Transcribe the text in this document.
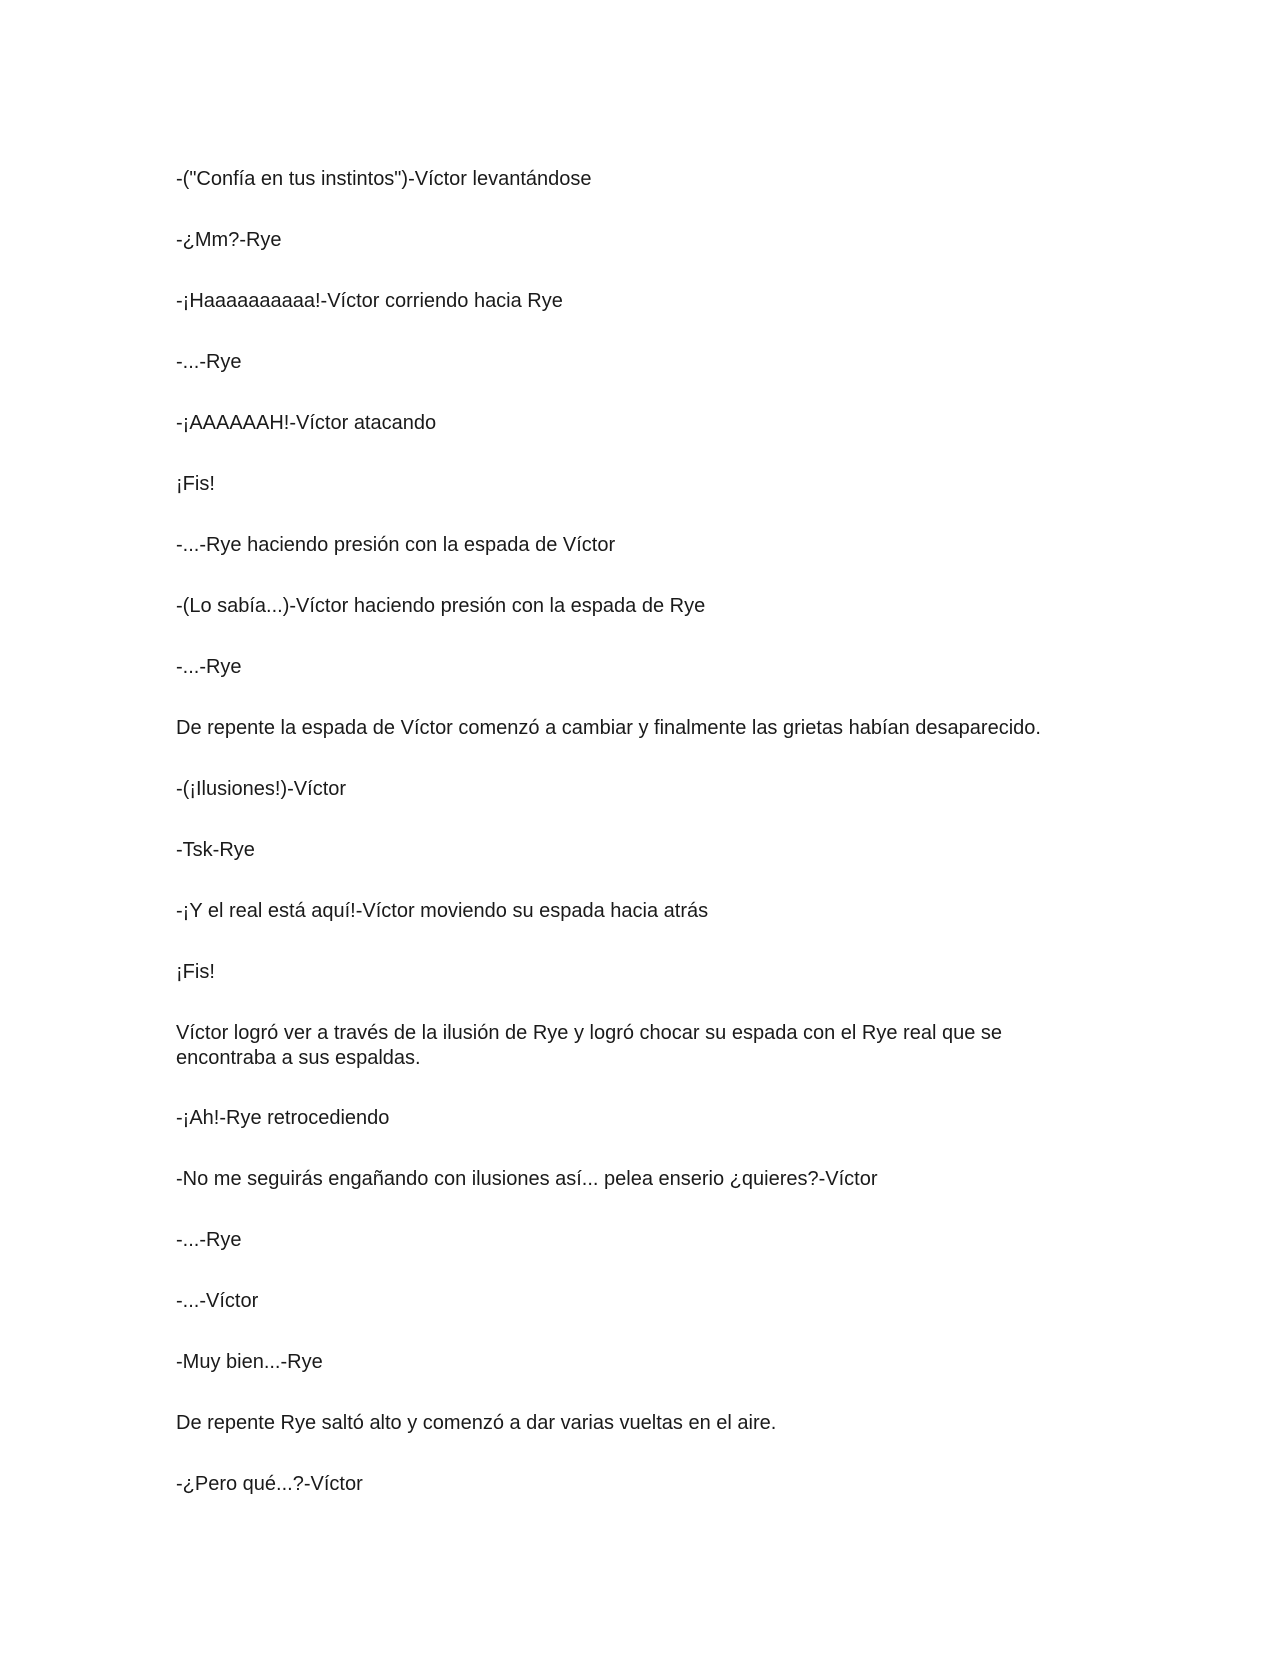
-("Confía en tus instintos")-Víctor levantándose

-¿Mm?-Rye

-¡Haaaaaaaaaa!-Víctor corriendo hacia Rye

-...-Rye

-¡AAAAAAH!-Víctor atacando

¡Fis!

-...-Rye haciendo presión con la espada de Víctor

-(Lo sabía...)-Víctor haciendo presión con la espada de Rye

-...-Rye

De repente la espada de Víctor comenzó a cambiar y finalmente las grietas habían desaparecido.

-(¡Ilusiones!)-Víctor

-Tsk-Rye

-¡Y el real está aquí!-Víctor moviendo su espada hacia atrás

¡Fis!

Víctor logró ver a través de la ilusión de Rye y logró chocar su espada con el Rye real que se encontraba a sus espaldas.

-¡Ah!-Rye retrocediendo

-No me seguirás engañando con ilusiones así... pelea enserio ¿quieres?-Víctor

-...-Rye

-...-Víctor

-Muy bien...-Rye

De repente Rye saltó alto y comenzó a dar varias vueltas en el aire.

-¿Pero qué...?-Víctor
